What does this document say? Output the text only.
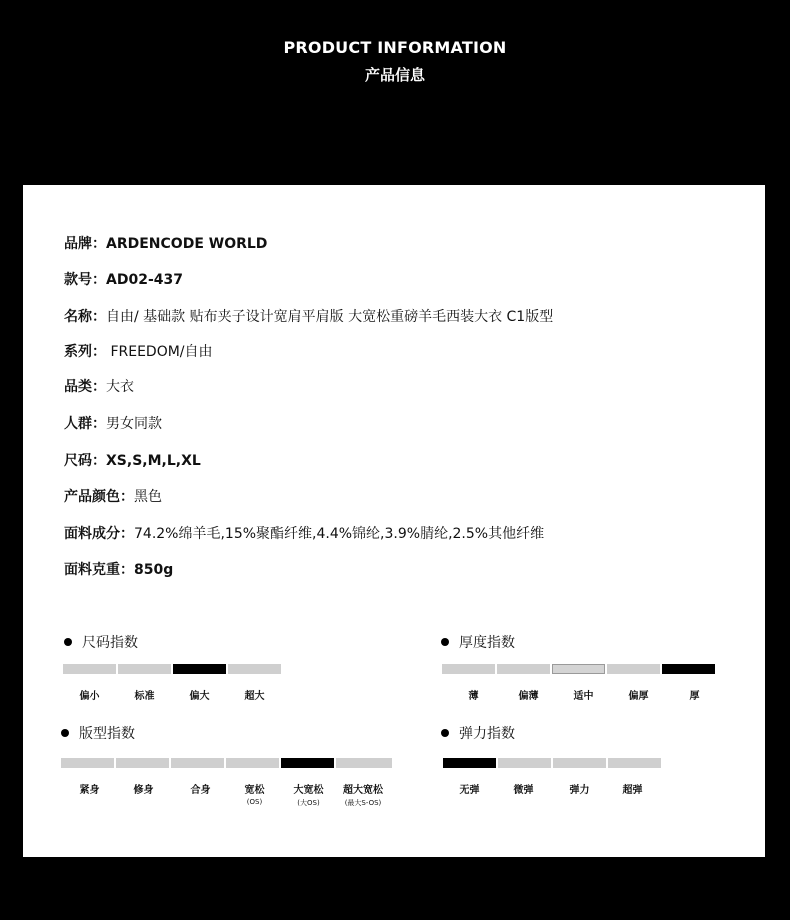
PRODUCT INFORMATION
产品信息
品牌：ARDENCODE WORLD
款号：AD02-437
名称：自由/ 基础款 贴布夹子设计宽肩平肩版 大宽松重磅羊毛西装大衣 C1版型
系列： FREEDOM/自由
品类：大衣
人群：男女同款
尺码：XS,S,M,L,XL
产品颜色：黑色
面料成分：74.2%绵羊毛,15%聚酯纤维,4.4%锦纶,3.9%腈纶,2.5%其他纤维
面料克重：850g
尺码指数
偏小	标准	偏大	超大
厚度指数
薄	偏薄	适中	偏厚	厚
版型指数
紧身	修身	合身	宽松
(OS)
大宽松
(大OS)
超大宽松
(最大S-OS)
弹力指数
无弹	微弹	弹力	超弹
